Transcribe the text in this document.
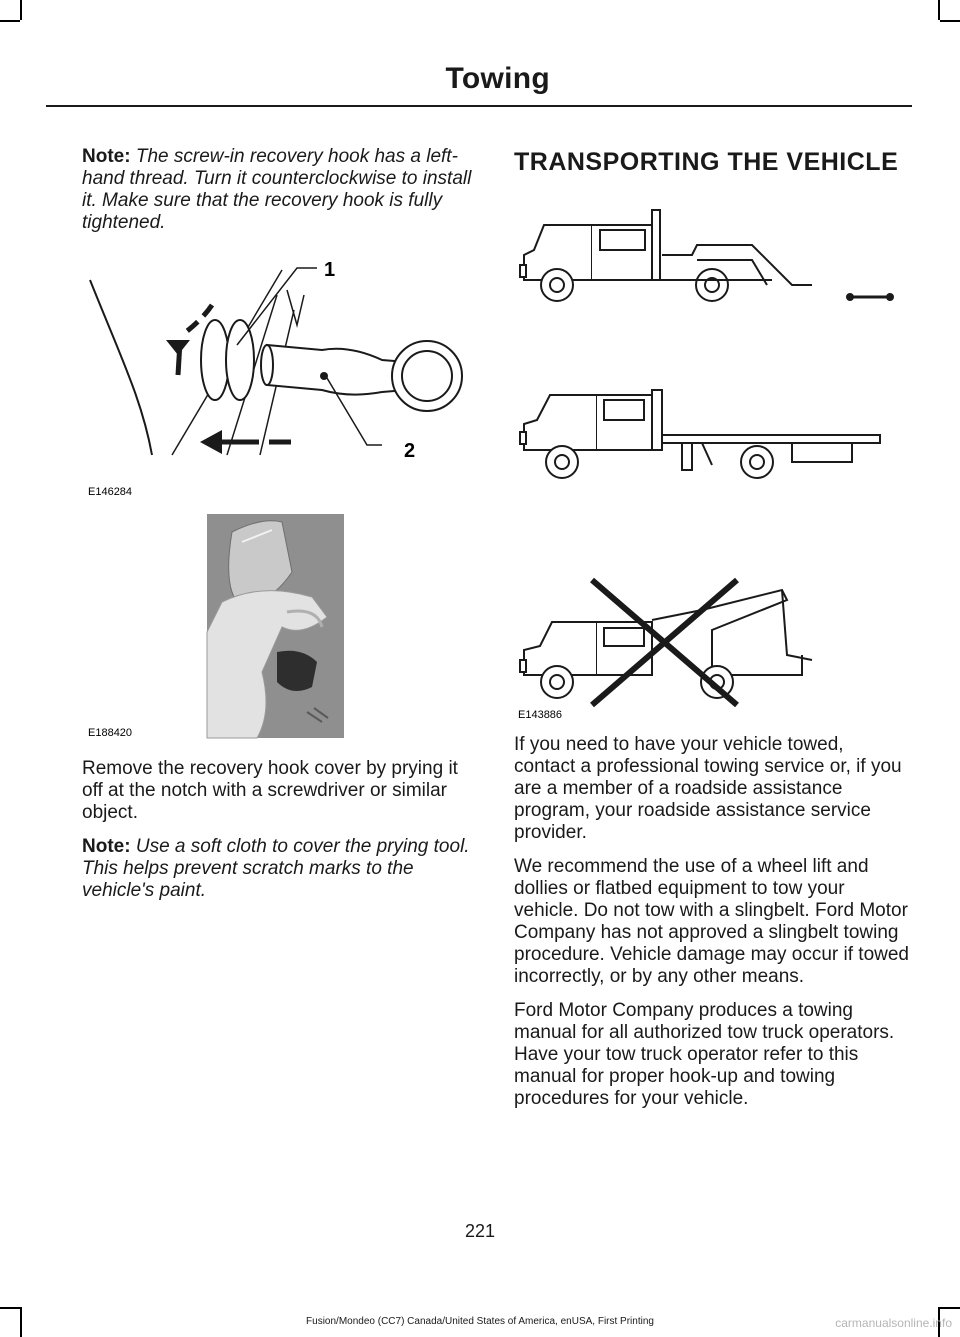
Towing

Note: The screw-in recovery hook has a left-hand thread. Turn it counterclockwise to install it. Make sure that the recovery hook is fully tightened.

1
2
E146284
E188420

Remove the recovery hook cover by prying it off at the notch with a screwdriver or similar object.

Note: Use a soft cloth to cover the prying tool. This helps prevent scratch marks to the vehicle's paint.

TRANSPORTING THE VEHICLE
E143886

If you need to have your vehicle towed, contact a professional towing service or, if you are a member of a roadside assistance program, your roadside assistance service provider.

We recommend the use of a wheel lift and dollies or flatbed equipment to tow your vehicle. Do not tow with a slingbelt. Ford Motor Company has not approved a slingbelt towing procedure. Vehicle damage may occur if towed incorrectly, or by any other means.

Ford Motor Company produces a towing manual for all authorized tow truck operators. Have your tow truck operator refer to this manual for proper hook-up and towing procedures for your vehicle.

221
Fusion/Mondeo (CC7) Canada/United States of America, enUSA, First Printing	carmanualsonline.info
